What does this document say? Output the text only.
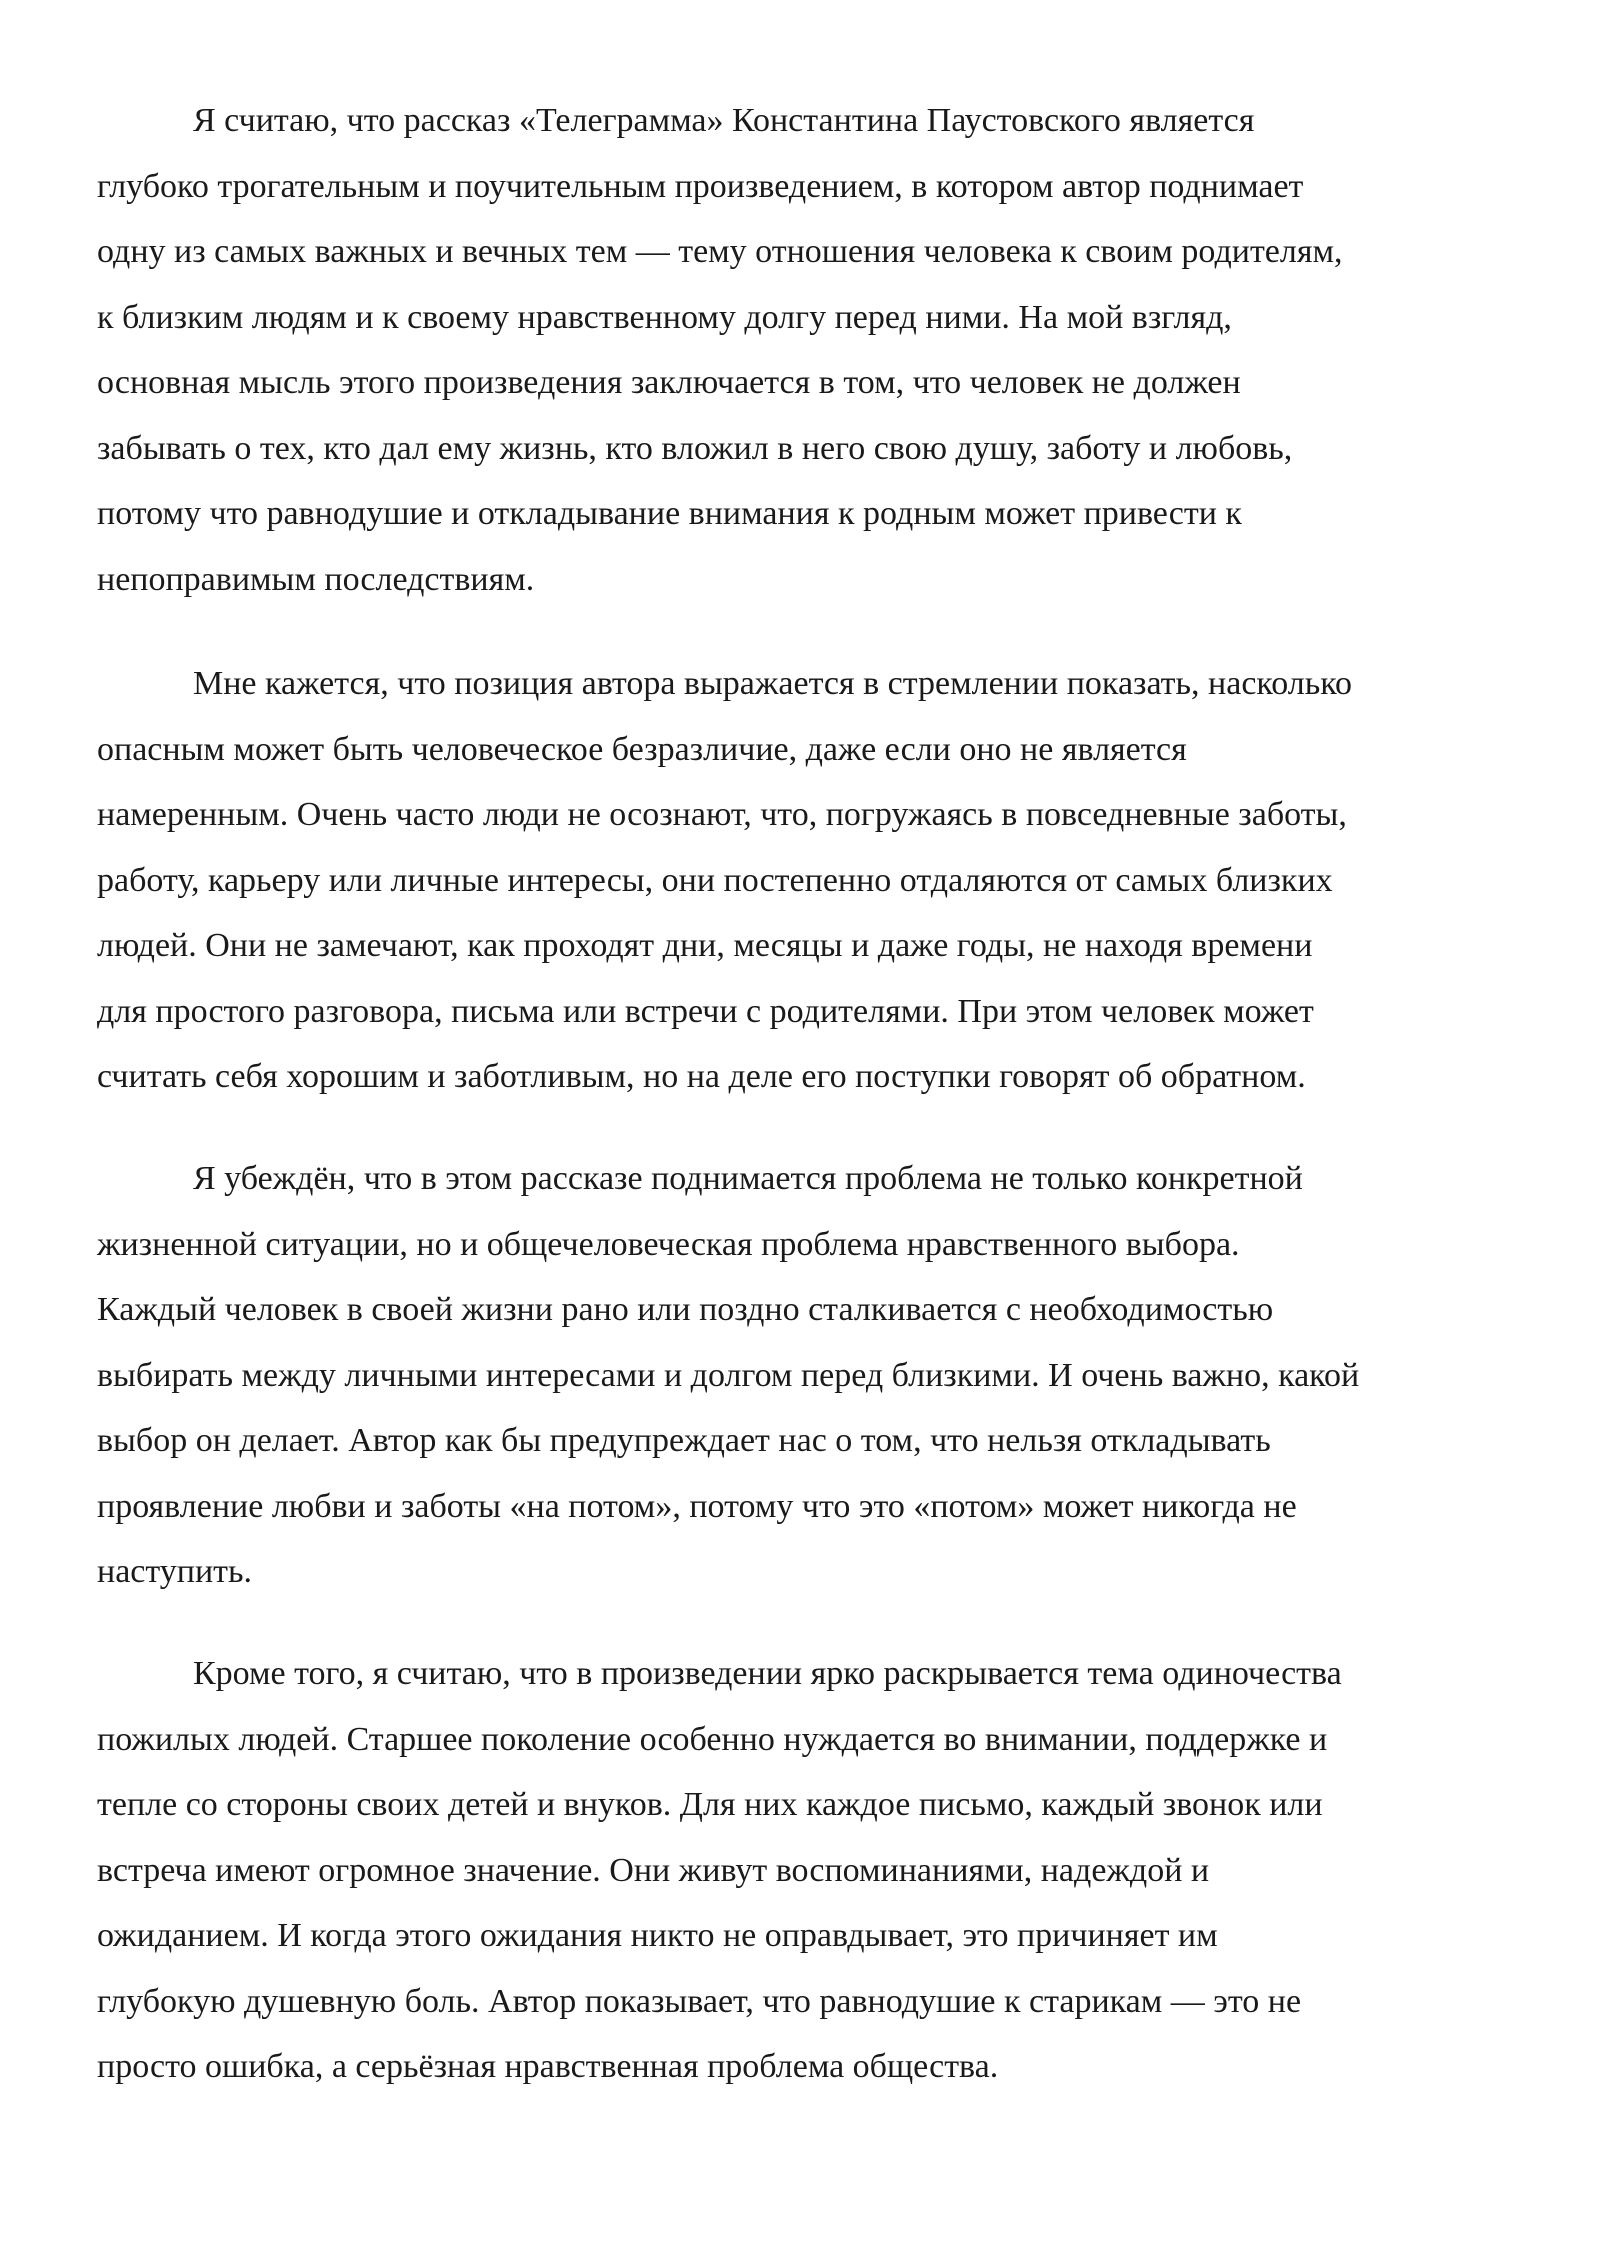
Я считаю, что рассказ «Телеграмма» Константина Паустовского является
глубоко трогательным и поучительным произведением, в котором автор поднимает
одну из самых важных и вечных тем — тему отношения человека к своим родителям,
к близким людям и к своему нравственному долгу перед ними. На мой взгляд,
основная мысль этого произведения заключается в том, что человек не должен
забывать о тех, кто дал ему жизнь, кто вложил в него свою душу, заботу и любовь,
потому что равнодушие и откладывание внимания к родным может привести к
непоправимым последствиям.

Мне кажется, что позиция автора выражается в стремлении показать, насколько
опасным может быть человеческое безразличие, даже если оно не является
намеренным. Очень часто люди не осознают, что, погружаясь в повседневные заботы,
работу, карьеру или личные интересы, они постепенно отдаляются от самых близких
людей. Они не замечают, как проходят дни, месяцы и даже годы, не находя времени
для простого разговора, письма или встречи с родителями. При этом человек может
считать себя хорошим и заботливым, но на деле его поступки говорят об обратном.

Я убеждён, что в этом рассказе поднимается проблема не только конкретной
жизненной ситуации, но и общечеловеческая проблема нравственного выбора.
Каждый человек в своей жизни рано или поздно сталкивается с необходимостью
выбирать между личными интересами и долгом перед близкими. И очень важно, какой
выбор он делает. Автор как бы предупреждает нас о том, что нельзя откладывать
проявление любви и заботы «на потом», потому что это «потом» может никогда не
наступить.

Кроме того, я считаю, что в произведении ярко раскрывается тема одиночества
пожилых людей. Старшее поколение особенно нуждается во внимании, поддержке и
тепле со стороны своих детей и внуков. Для них каждое письмо, каждый звонок или
встреча имеют огромное значение. Они живут воспоминаниями, надеждой и
ожиданием. И когда этого ожидания никто не оправдывает, это причиняет им
глубокую душевную боль. Автор показывает, что равнодушие к старикам — это не
просто ошибка, а серьёзная нравственная проблема общества.
